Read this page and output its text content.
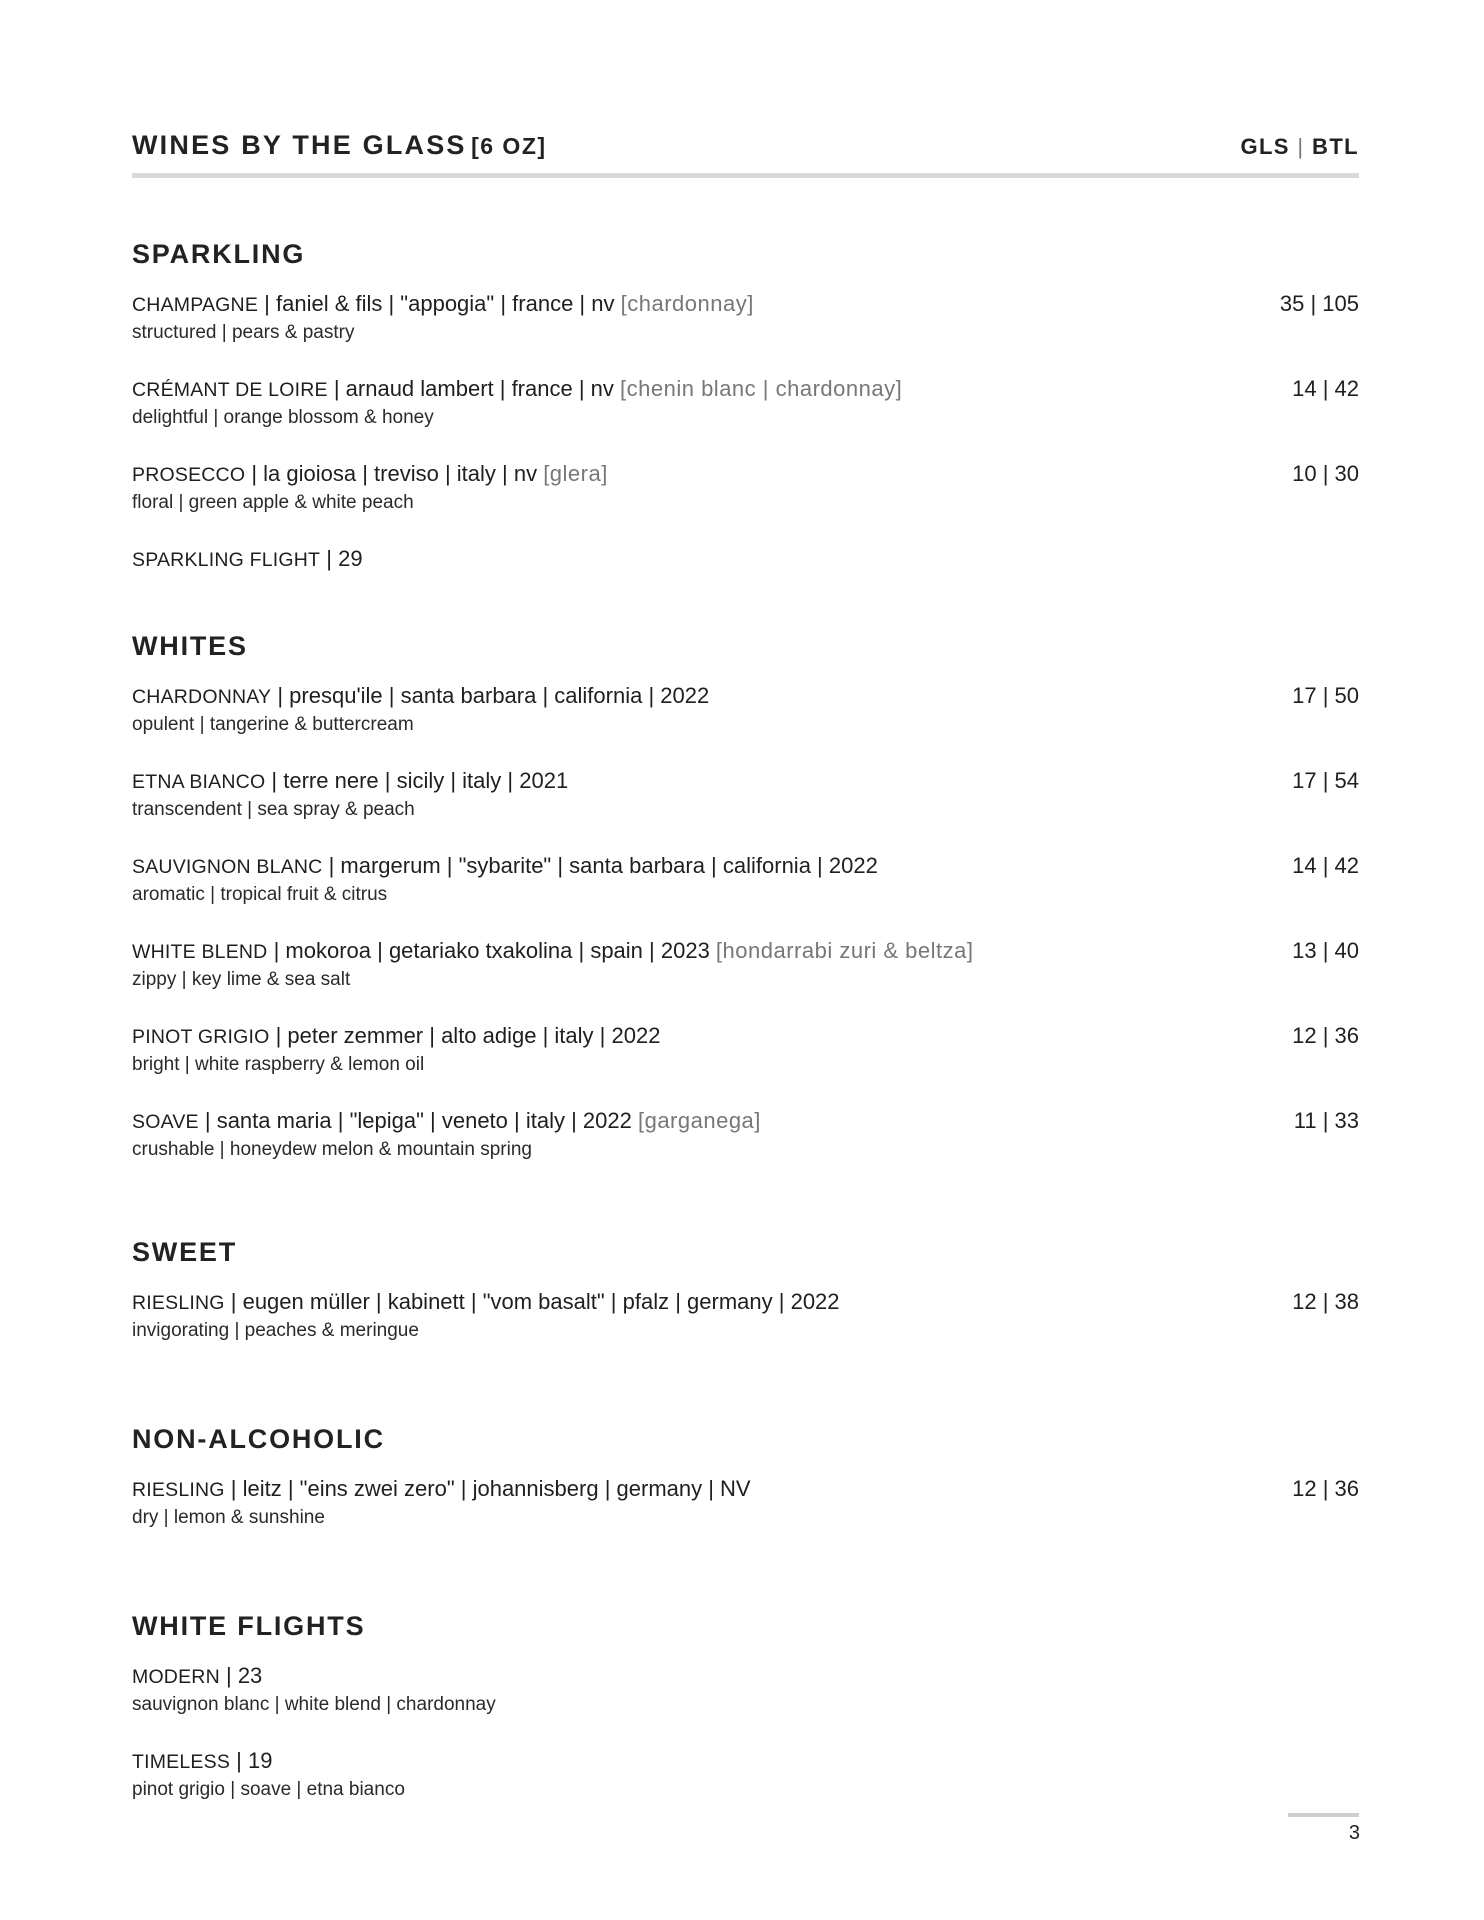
WINES BY THE GLASS [6 OZ]	GLS | BTL
SPARKLING
CHAMPAGNE | faniel & fils | "appogia" | france | nv [chardonnay]
structured | pears & pastry
35 | 105
CRÉMANT DE LOIRE | arnaud lambert | france | nv [chenin blanc | chardonnay]
delightful | orange blossom & honey
14 | 42
PROSECCO | la gioiosa | treviso | italy | nv [glera]
floral | green apple & white peach
10 | 30
SPARKLING FLIGHT | 29
WHITES
CHARDONNAY | presqu'ile | santa barbara | california | 2022
opulent | tangerine & buttercream
17 | 50
ETNA BIANCO | terre nere | sicily | italy | 2021
transcendent | sea spray & peach
17 | 54
SAUVIGNON BLANC | margerum | "sybarite" | santa barbara | california | 2022
aromatic | tropical fruit & citrus
14 | 42
WHITE BLEND | mokoroa | getariako txakolina | spain | 2023 [hondarrabi zuri & beltza]
zippy | key lime & sea salt
13 | 40
PINOT GRIGIO | peter zemmer | alto adige | italy | 2022
bright | white raspberry & lemon oil
12 | 36
SOAVE | santa maria | "lepiga" | veneto | italy | 2022 [garganega]
crushable | honeydew melon & mountain spring
11 | 33
SWEET
RIESLING | eugen müller | kabinett | "vom basalt" | pfalz | germany | 2022
invigorating | peaches & meringue
12 | 38
NON-ALCOHOLIC
RIESLING | leitz | "eins zwei zero" | johannisberg | germany | NV
dry | lemon & sunshine
12 | 36
WHITE FLIGHTS
MODERN | 23
sauvignon blanc | white blend | chardonnay
TIMELESS | 19
pinot grigio | soave | etna bianco
3
